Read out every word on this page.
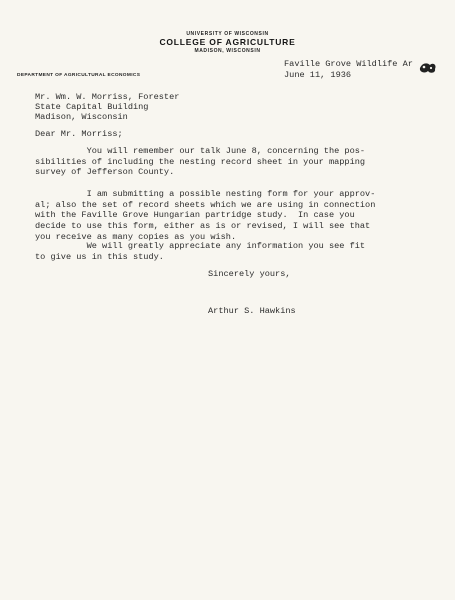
UNIVERSITY OF WISCONSIN
COLLEGE OF AGRICULTURE
MADISON, WISCONSIN
DEPARTMENT OF AGRICULTURAL ECONOMICS
Faville Grove Wildlife Ar
June 11, 1936
Mr. Wm. W. Morriss, Forester
State Capital Building
Madison, Wisconsin
Dear Mr. Morriss;
You will remember our talk June 8, concerning the pos-
sibilities of including the nesting record sheet in your mapping
survey of Jefferson County.
I am submitting a possible nesting form for your approv-
al; also the set of record sheets which we are using in connection
with the Faville Grove Hungarian partridge study.  In case you
decide to use this form, either as is or revised, I will see that
you receive as many copies as you wish.
We will greatly appreciate any information you see fit
to give us in this study.
Sincerely yours,
Arthur S. Hawkins
